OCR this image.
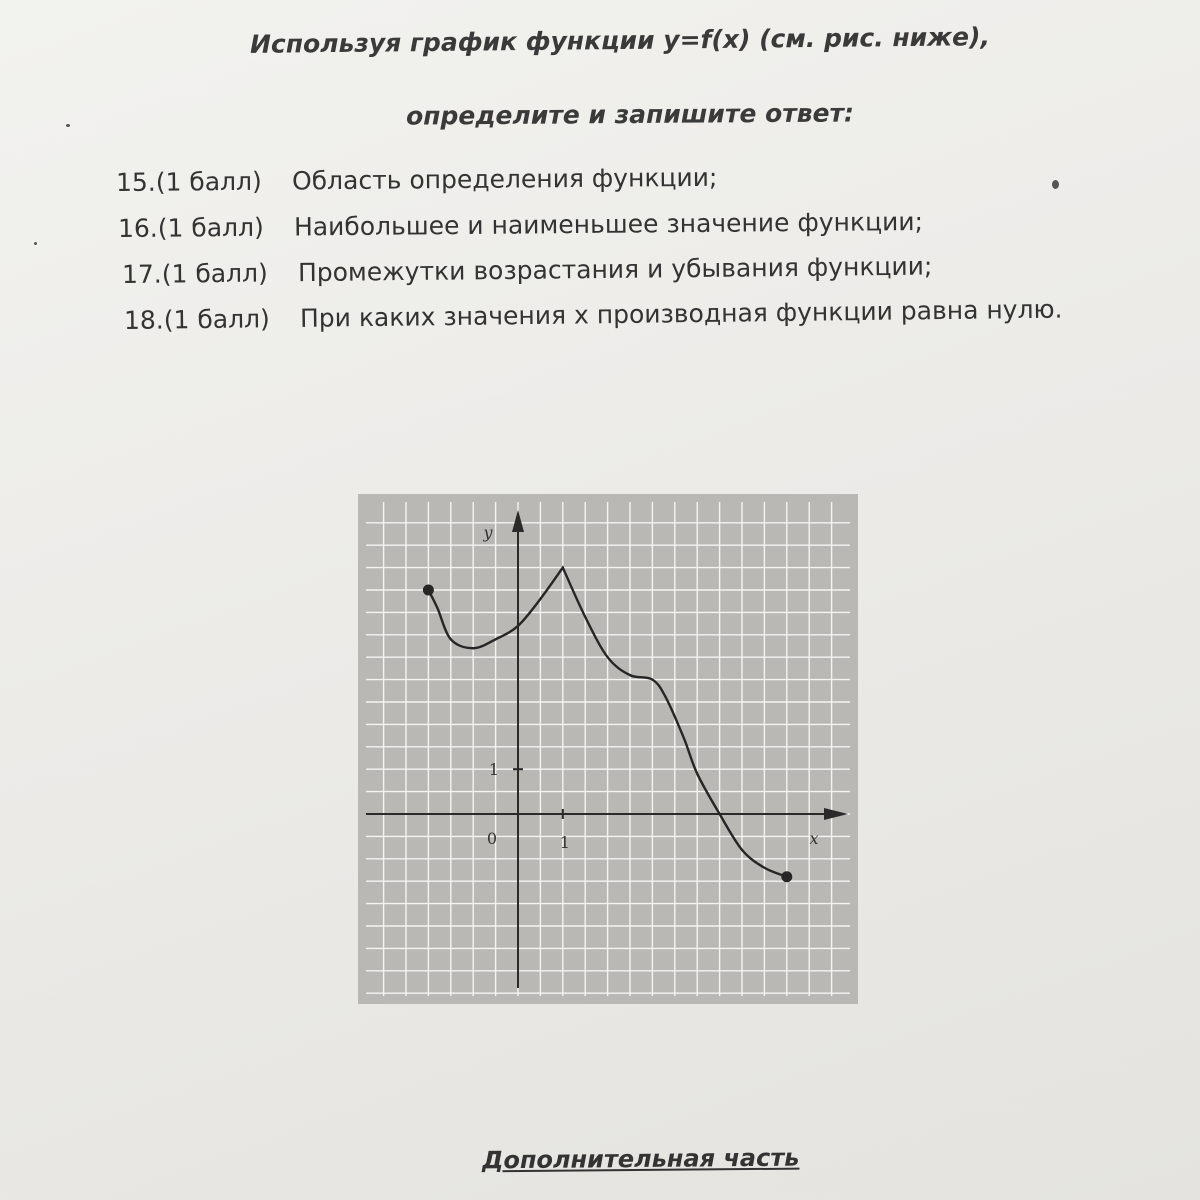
Используя график функции y=f(x) (см. рис. ниже),
определите и запишите ответ:
15.(1 балл) Область определения функции;
16.(1 балл) Наибольшее и наименьшее значение функции;
17.(1 балл) Промежутки возрастания и убывания функции;
18.(1 балл) При каких значения х производная функции равна нулю.
y
x
0	1
1
Дополнительная часть
